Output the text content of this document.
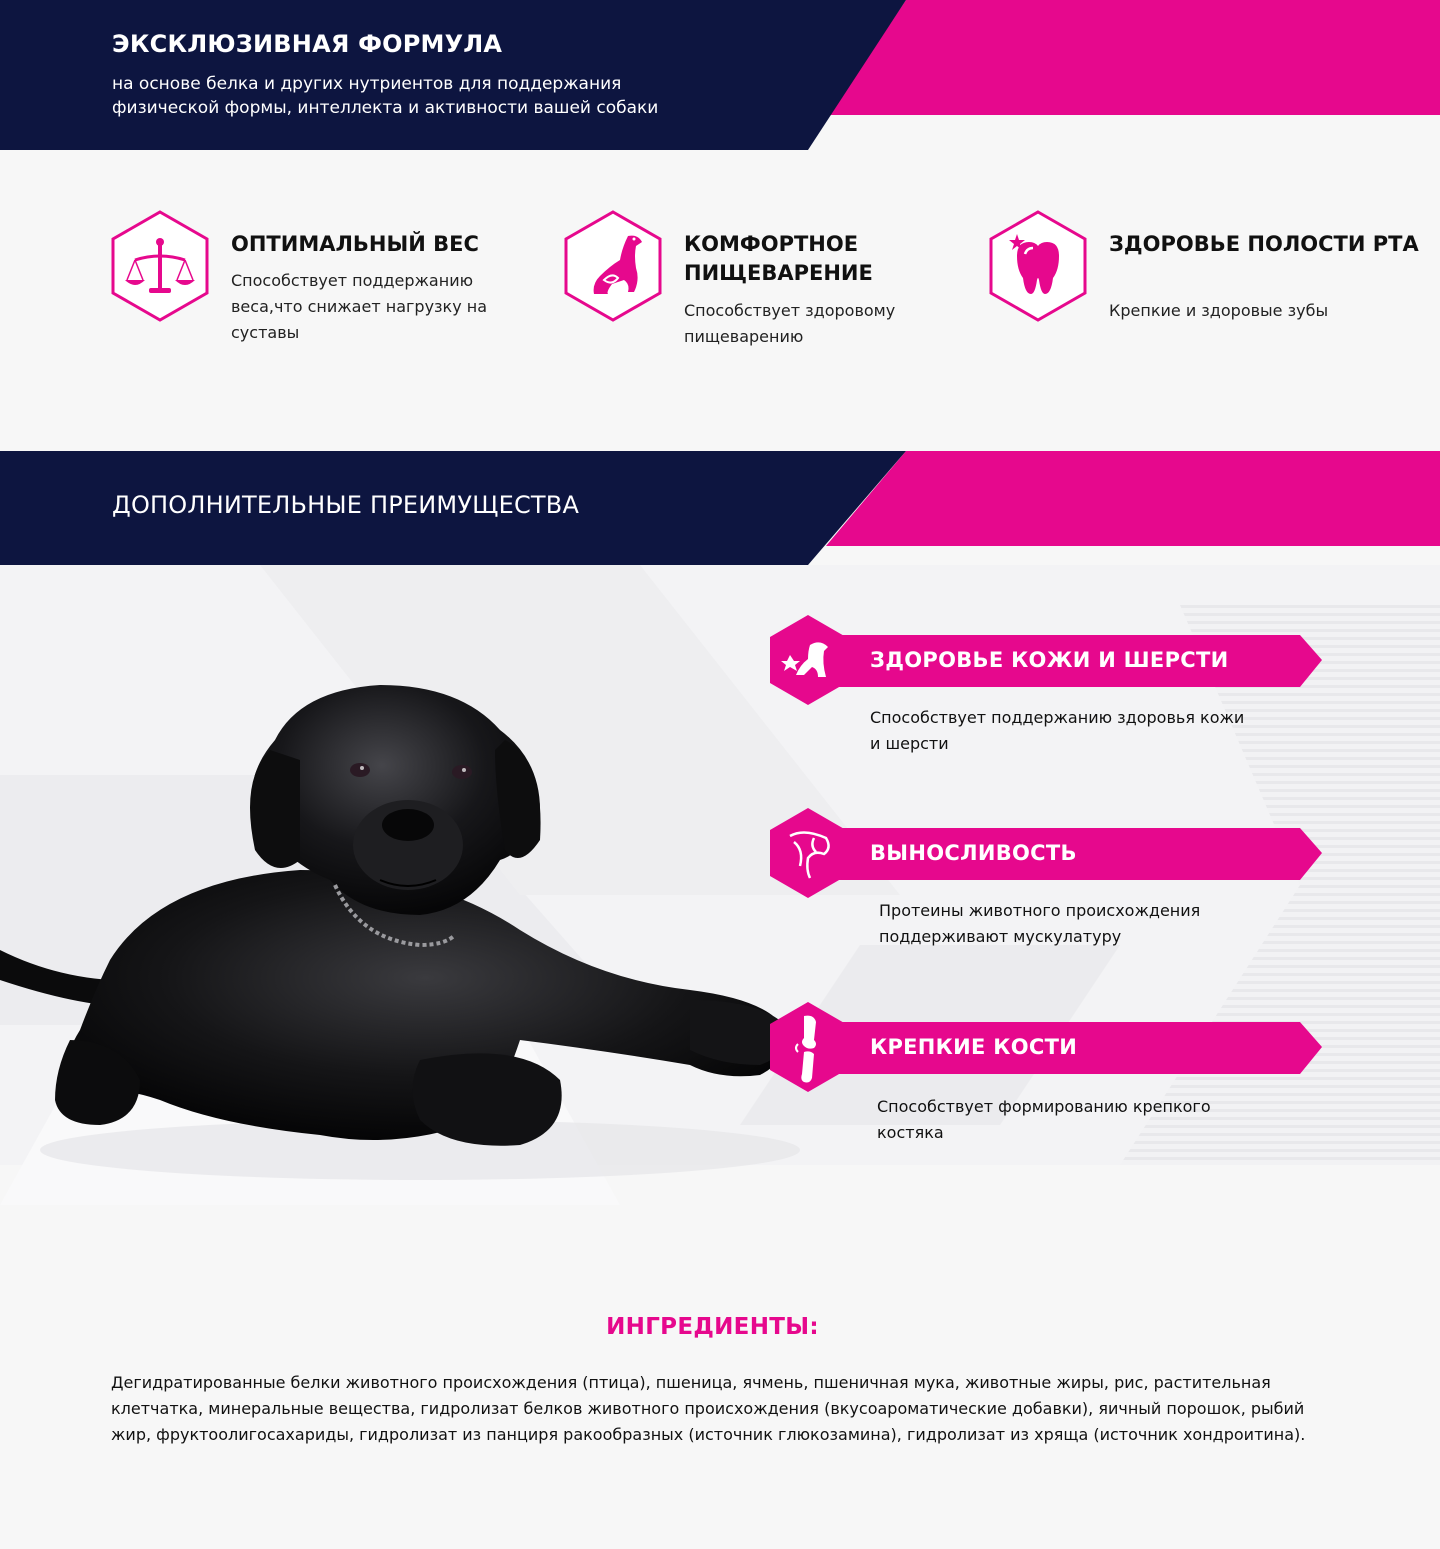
ЭКСКЛЮЗИВНАЯ ФОРМУЛА

на основе белка и других нутриентов для поддержания физической формы, интеллекта и активности вашей собаки

ОПТИМАЛЬНЫЙ ВЕС

Способствует поддержанию веса,что снижает нагрузку на суставы

КОМФОРТНОЕ ПИЩЕВАРЕНИЕ

Способствует здоровому пищеварению

ЗДОРОВЬЕ ПОЛОСТИ РТА

Крепкие и здоровые зубы

ДОПОЛНИТЕЛЬНЫЕ ПРЕИМУЩЕСТВА
ЗДОРОВЬЕ КОЖИ И ШЕРСТИ

Способствует поддержанию здоровья кожи и шерсти

ВЫНОСЛИВОСТЬ

Протеины животного происхождения поддерживают мускулатуру

КРЕПКИЕ КОСТИ

Способствует формированию крепкого костяка

ИНГРЕДИЕНТЫ:

Дегидратированные белки животного происхождения (птица), пшеница, ячмень, пшеничная мука, животные жиры, рис, растительная клетчатка, минеральные вещества, гидролизат белков животного происхождения (вкусоароматические добавки), яичный порошок, рыбий жир, фруктоолигосахариды, гидролизат из панциря ракообразных (источник глюкозамина), гидролизат из хряща (источник хондроитина).
